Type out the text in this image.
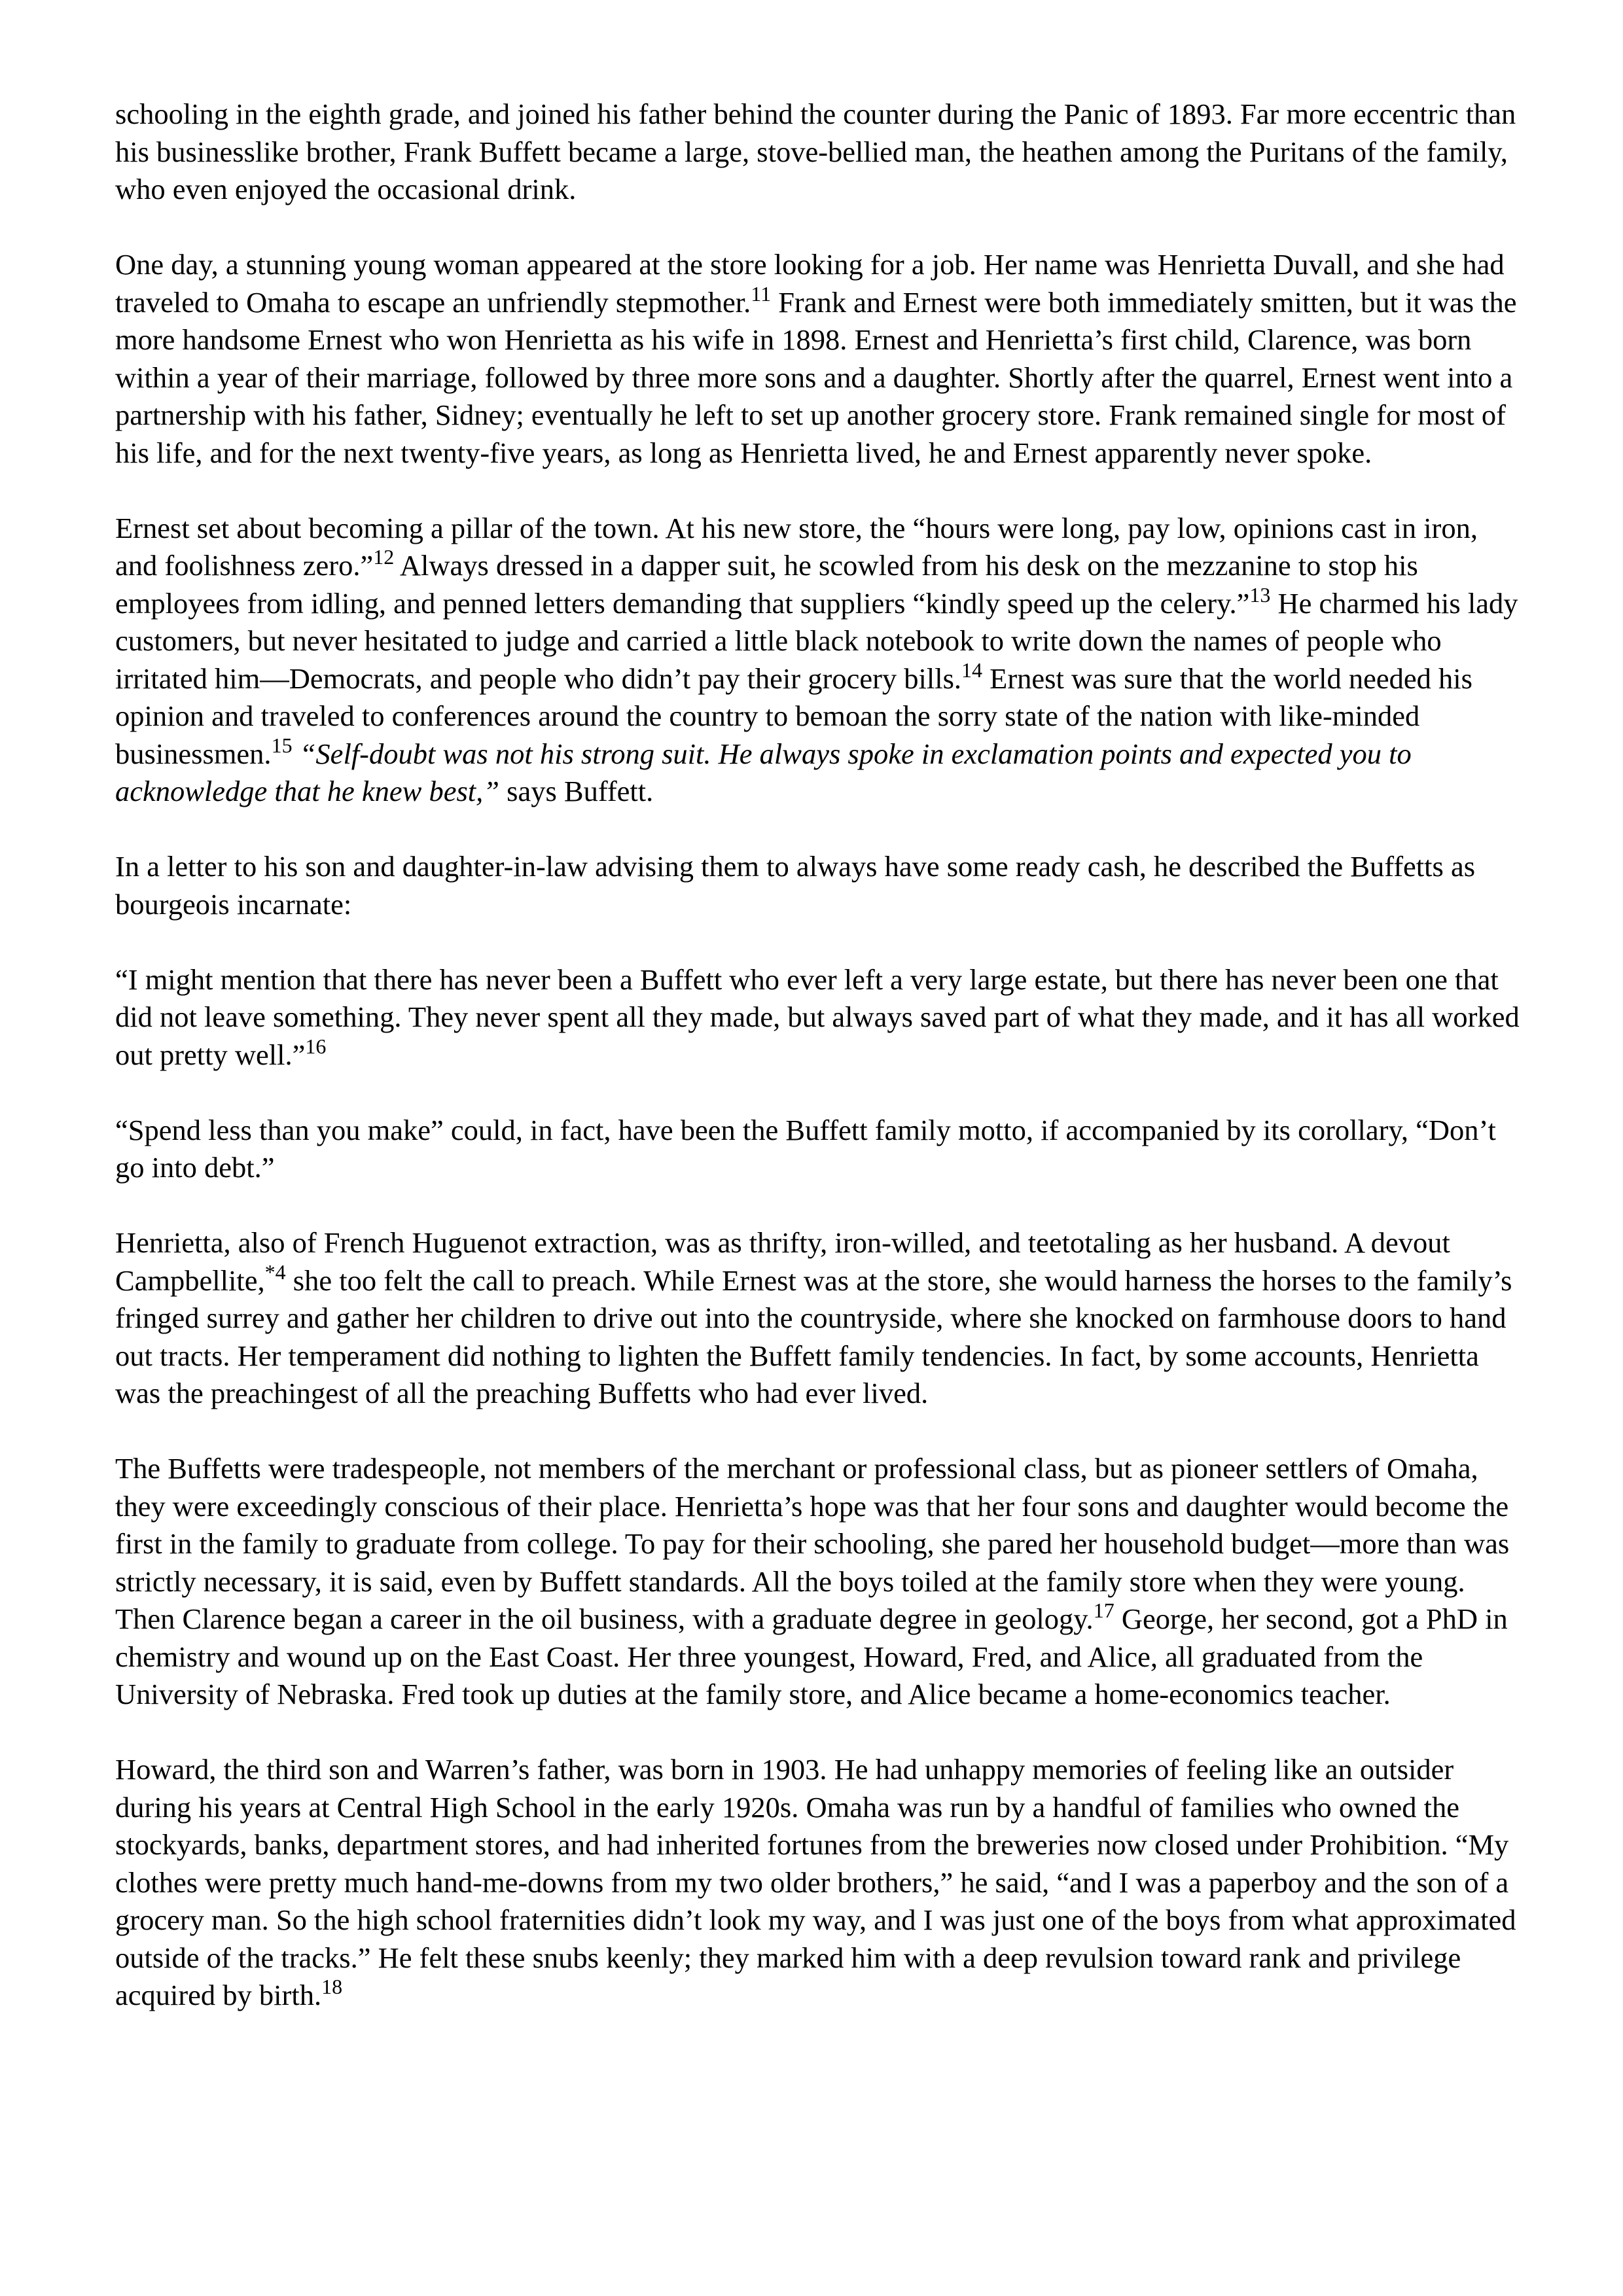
schooling in the eighth grade, and joined his father behind the counter during the Panic of 1893. Far more eccentric than his businesslike brother, Frank Buffett became a large, stove-bellied man, the heathen among the Puritans of the family, who even enjoyed the occasional drink.

One day, a stunning young woman appeared at the store looking for a job. Her name was Henrietta Duvall, and she had traveled to Omaha to escape an unfriendly stepmother.$^{11}$ Frank and Ernest were both immediately smitten, but it was the more handsome Ernest who won Henrietta as his wife in 1898. Ernest and Henrietta’s first child, Clarence, was born within a year of their marriage, followed by three more sons and a daughter. Shortly after the quarrel, Ernest went into a partnership with his father, Sidney; eventually he left to set up another grocery store. Frank remained single for most of his life, and for the next twenty-five years, as long as Henrietta lived, he and Ernest apparently never spoke.

Ernest set about becoming a pillar of the town. At his new store, the “hours were long, pay low, opinions cast in iron, and foolishness zero.”$^{12}$ Always dressed in a dapper suit, he scowled from his desk on the mezzanine to stop his employees from idling, and penned letters demanding that suppliers “kindly speed up the celery.”$^{13}$ He charmed his lady customers, but never hesitated to judge and carried a little black notebook to write down the names of people who irritated him—Democrats, and people who didn’t pay their grocery bills.$^{14}$ Ernest was sure that the world needed his opinion and traveled to conferences around the country to bemoan the sorry state of the nation with like-minded businessmen.$^{15}$ “Self-doubt was not his strong suit. He always spoke in exclamation points and expected you to acknowledge that he knew best,” says Buffett.

In a letter to his son and daughter-in-law advising them to always have some ready cash, he described the Buffetts as bourgeois incarnate:

“I might mention that there has never been a Buffett who ever left a very large estate, but there has never been one that did not leave something. They never spent all they made, but always saved part of what they made, and it has all worked out pretty well.”$^{16}$

“Spend less than you make” could, in fact, have been the Buffett family motto, if accompanied by its corollary, “Don’t go into debt.”

Henrietta, also of French Huguenot extraction, was as thrifty, iron-willed, and teetotaling as her husband. A devout Campbellite,$^{*4}$ she too felt the call to preach. While Ernest was at the store, she would harness the horses to the family’s fringed surrey and gather her children to drive out into the countryside, where she knocked on farmhouse doors to hand out tracts. Her temperament did nothing to lighten the Buffett family tendencies. In fact, by some accounts, Henrietta was the preachingest of all the preaching Buffetts who had ever lived.

The Buffetts were tradespeople, not members of the merchant or professional class, but as pioneer settlers of Omaha, they were exceedingly conscious of their place. Henrietta’s hope was that her four sons and daughter would become the first in the family to graduate from college. To pay for their schooling, she pared her household budget—more than was strictly necessary, it is said, even by Buffett standards. All the boys toiled at the family store when they were young. Then Clarence began a career in the oil business, with a graduate degree in geology.$^{17}$ George, her second, got a PhD in chemistry and wound up on the East Coast. Her three youngest, Howard, Fred, and Alice, all graduated from the University of Nebraska. Fred took up duties at the family store, and Alice became a home-economics teacher.

Howard, the third son and Warren’s father, was born in 1903. He had unhappy memories of feeling like an outsider during his years at Central High School in the early 1920s. Omaha was run by a handful of families who owned the stockyards, banks, department stores, and had inherited fortunes from the breweries now closed under Prohibition. “My clothes were pretty much hand-me-downs from my two older brothers,” he said, “and I was a paperboy and the son of a grocery man. So the high school fraternities didn’t look my way, and I was just one of the boys from what approximated outside of the tracks.” He felt these snubs keenly; they marked him with a deep revulsion toward rank and privilege acquired by birth.$^{18}$
